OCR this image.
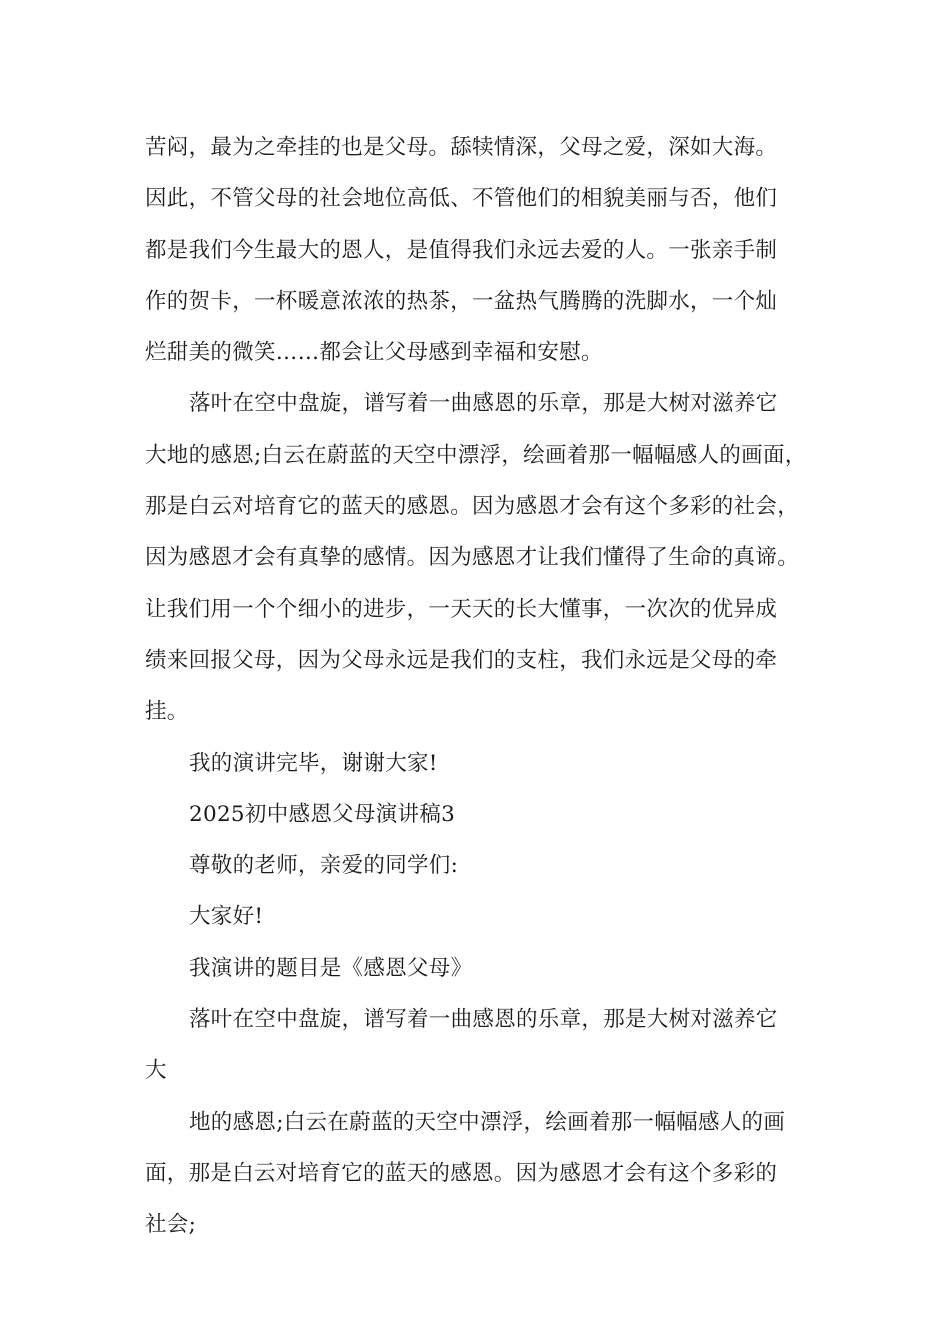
苦闷，最为之牵挂的也是父母。舔犊情深，父母之爱，深如大海。
因此，不管父母的社会地位高低、不管他们的相貌美丽与否，他们
都是我们今生最大的恩人，是值得我们永远去爱的人。一张亲手制
作的贺卡，一杯暖意浓浓的热茶，一盆热气腾腾的洗脚水，一个灿
烂甜美的微笑……都会让父母感到幸福和安慰。
落叶在空中盘旋，谱写着一曲感恩的乐章，那是大树对滋养它
大地的感恩;白云在蔚蓝的天空中漂浮，绘画着那一幅幅感人的画面，
那是白云对培育它的蓝天的感恩。因为感恩才会有这个多彩的社会，
因为感恩才会有真挚的感情。因为感恩才让我们懂得了生命的真谛。
让我们用一个个细小的进步，一天天的长大懂事，一次次的优异成
绩来回报父母，因为父母永远是我们的支柱，我们永远是父母的牵
挂。
我的演讲完毕，谢谢大家!
2025初中感恩父母演讲稿3
尊敬的老师，亲爱的同学们:
大家好!
我演讲的题目是《感恩父母》
落叶在空中盘旋，谱写着一曲感恩的乐章，那是大树对滋养它
大
地的感恩;白云在蔚蓝的天空中漂浮，绘画着那一幅幅感人的画
面，那是白云对培育它的蓝天的感恩。因为感恩才会有这个多彩的
社会;
